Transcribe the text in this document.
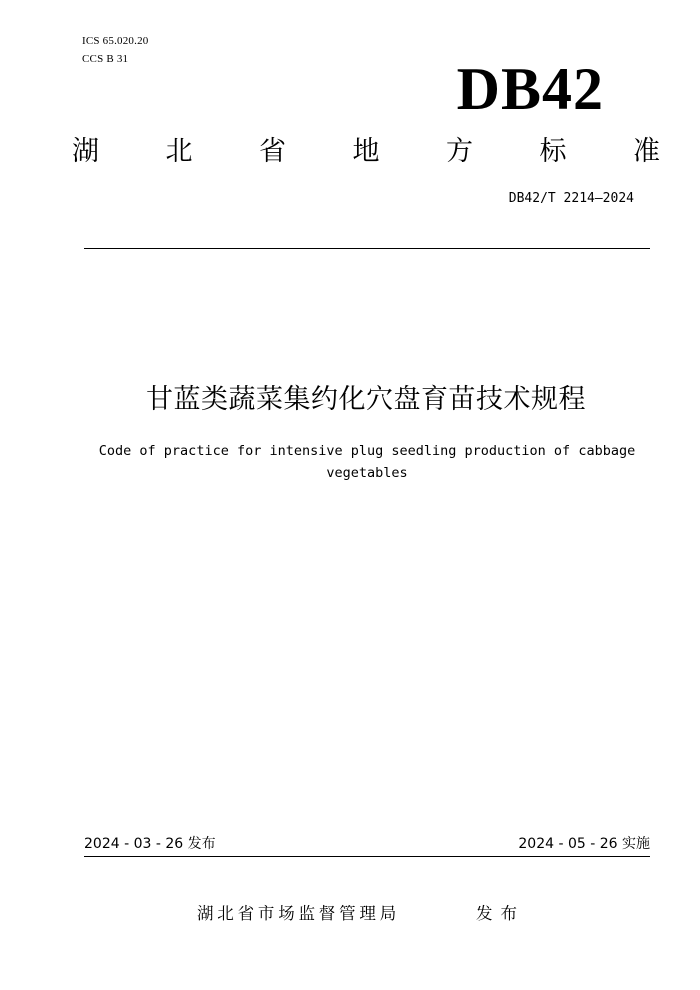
ICS 65.020.20
CCS B 31	DB42
湖 北 省 地 方 标 准
DB42/T 2214—2024
甘蓝类蔬菜集约化穴盘育苗技术规程
Code of practice for intensive plug seedling production of cabbage
vegetables
2024 - 03 - 26 发布	2024 - 05 - 26 实施
湖北省市场监督管理局	发布
